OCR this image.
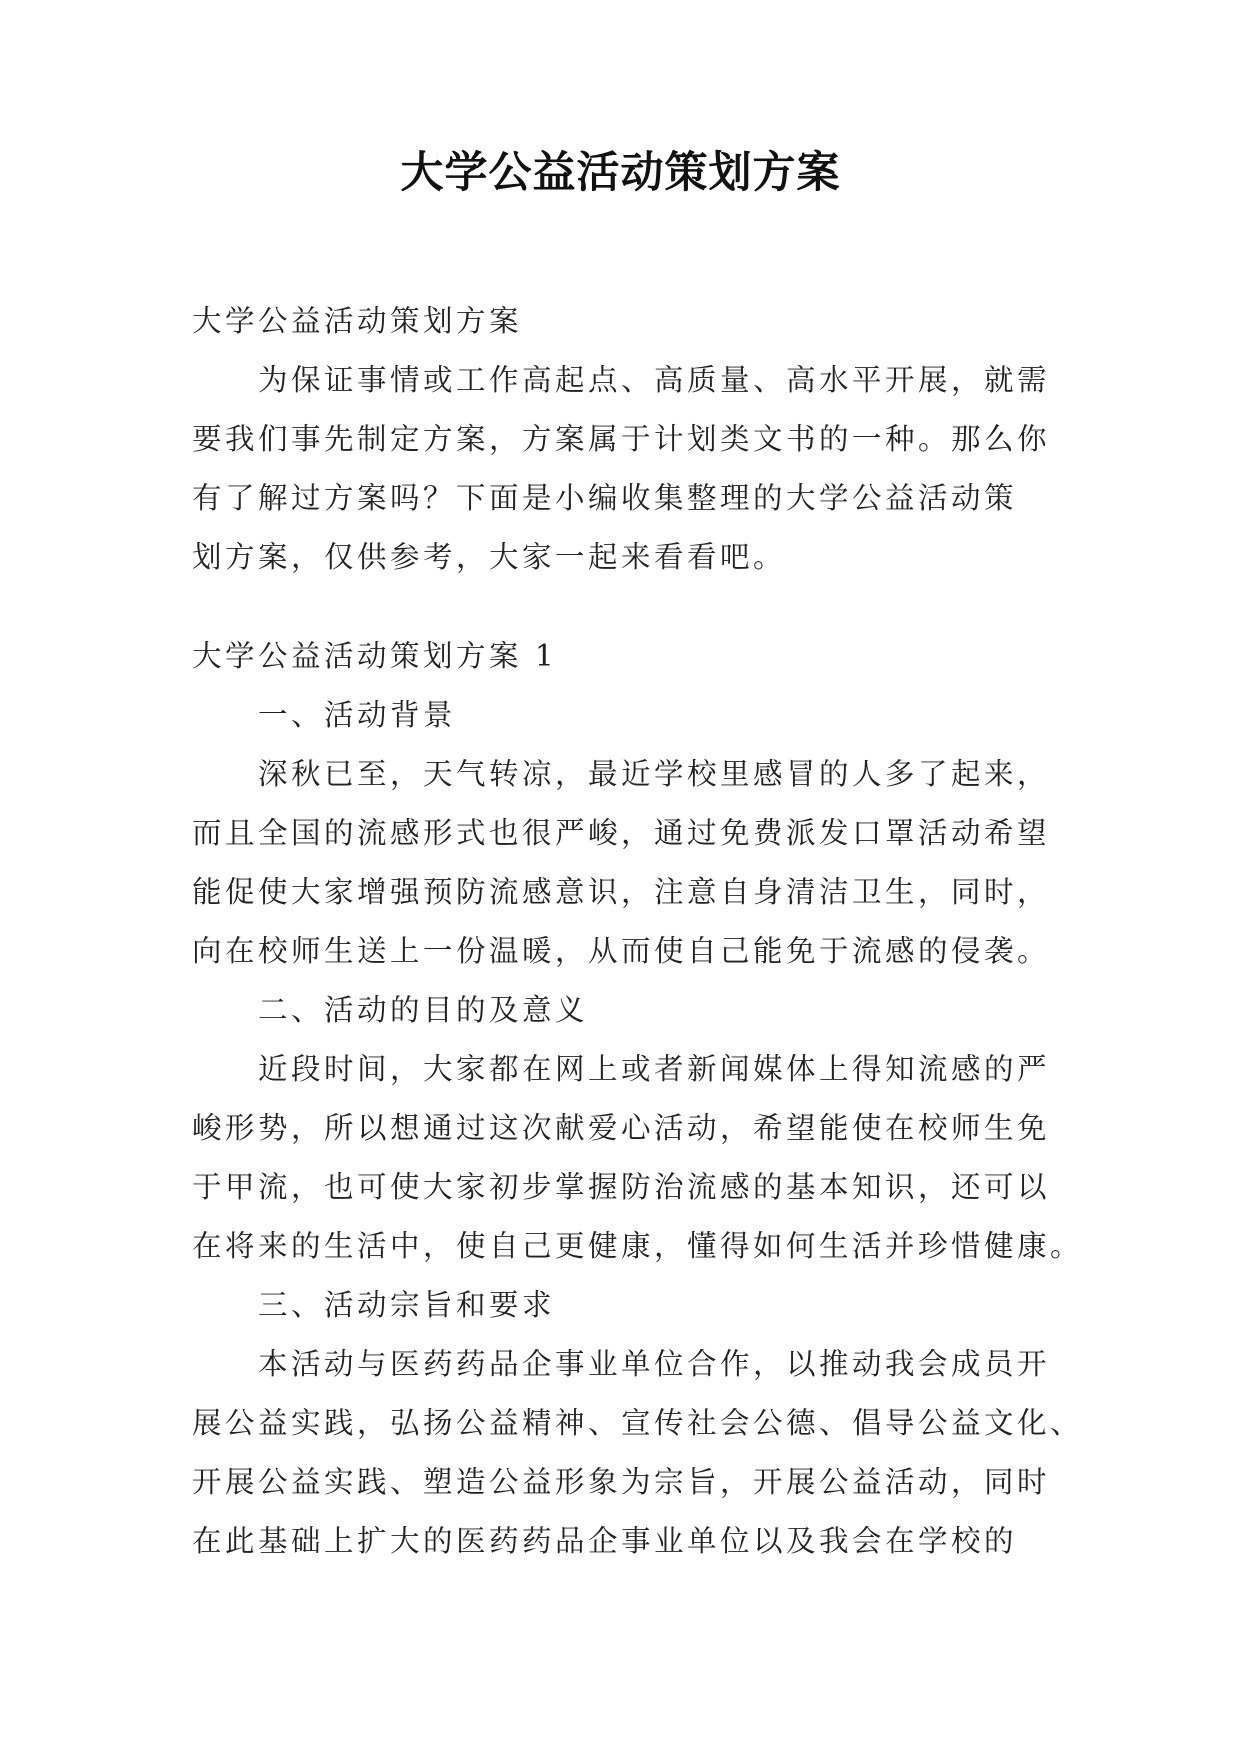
大学公益活动策划方案
大学公益活动策划方案
为保证事情或工作高起点、高质量、高水平开展，就需
要我们事先制定方案，方案属于计划类文书的一种。那么你
有了解过方案吗？下面是小编收集整理的大学公益活动策
划方案，仅供参考，大家一起来看看吧。
大学公益活动策划方案 1
一、活动背景
深秋已至，天气转凉，最近学校里感冒的人多了起来，
而且全国的流感形式也很严峻，通过免费派发口罩活动希望
能促使大家增强预防流感意识，注意自身清洁卫生，同时，
向在校师生送上一份温暖，从而使自己能免于流感的侵袭。
二、活动的目的及意义
近段时间，大家都在网上或者新闻媒体上得知流感的严
峻形势，所以想通过这次献爱心活动，希望能使在校师生免
于甲流，也可使大家初步掌握防治流感的基本知识，还可以
在将来的生活中，使自己更健康，懂得如何生活并珍惜健康。
三、活动宗旨和要求
本活动与医药药品企事业单位合作，以推动我会成员开
展公益实践，弘扬公益精神、宣传社会公德、倡导公益文化、
开展公益实践、塑造公益形象为宗旨，开展公益活动，同时
在此基础上扩大的医药药品企事业单位以及我会在学校的
